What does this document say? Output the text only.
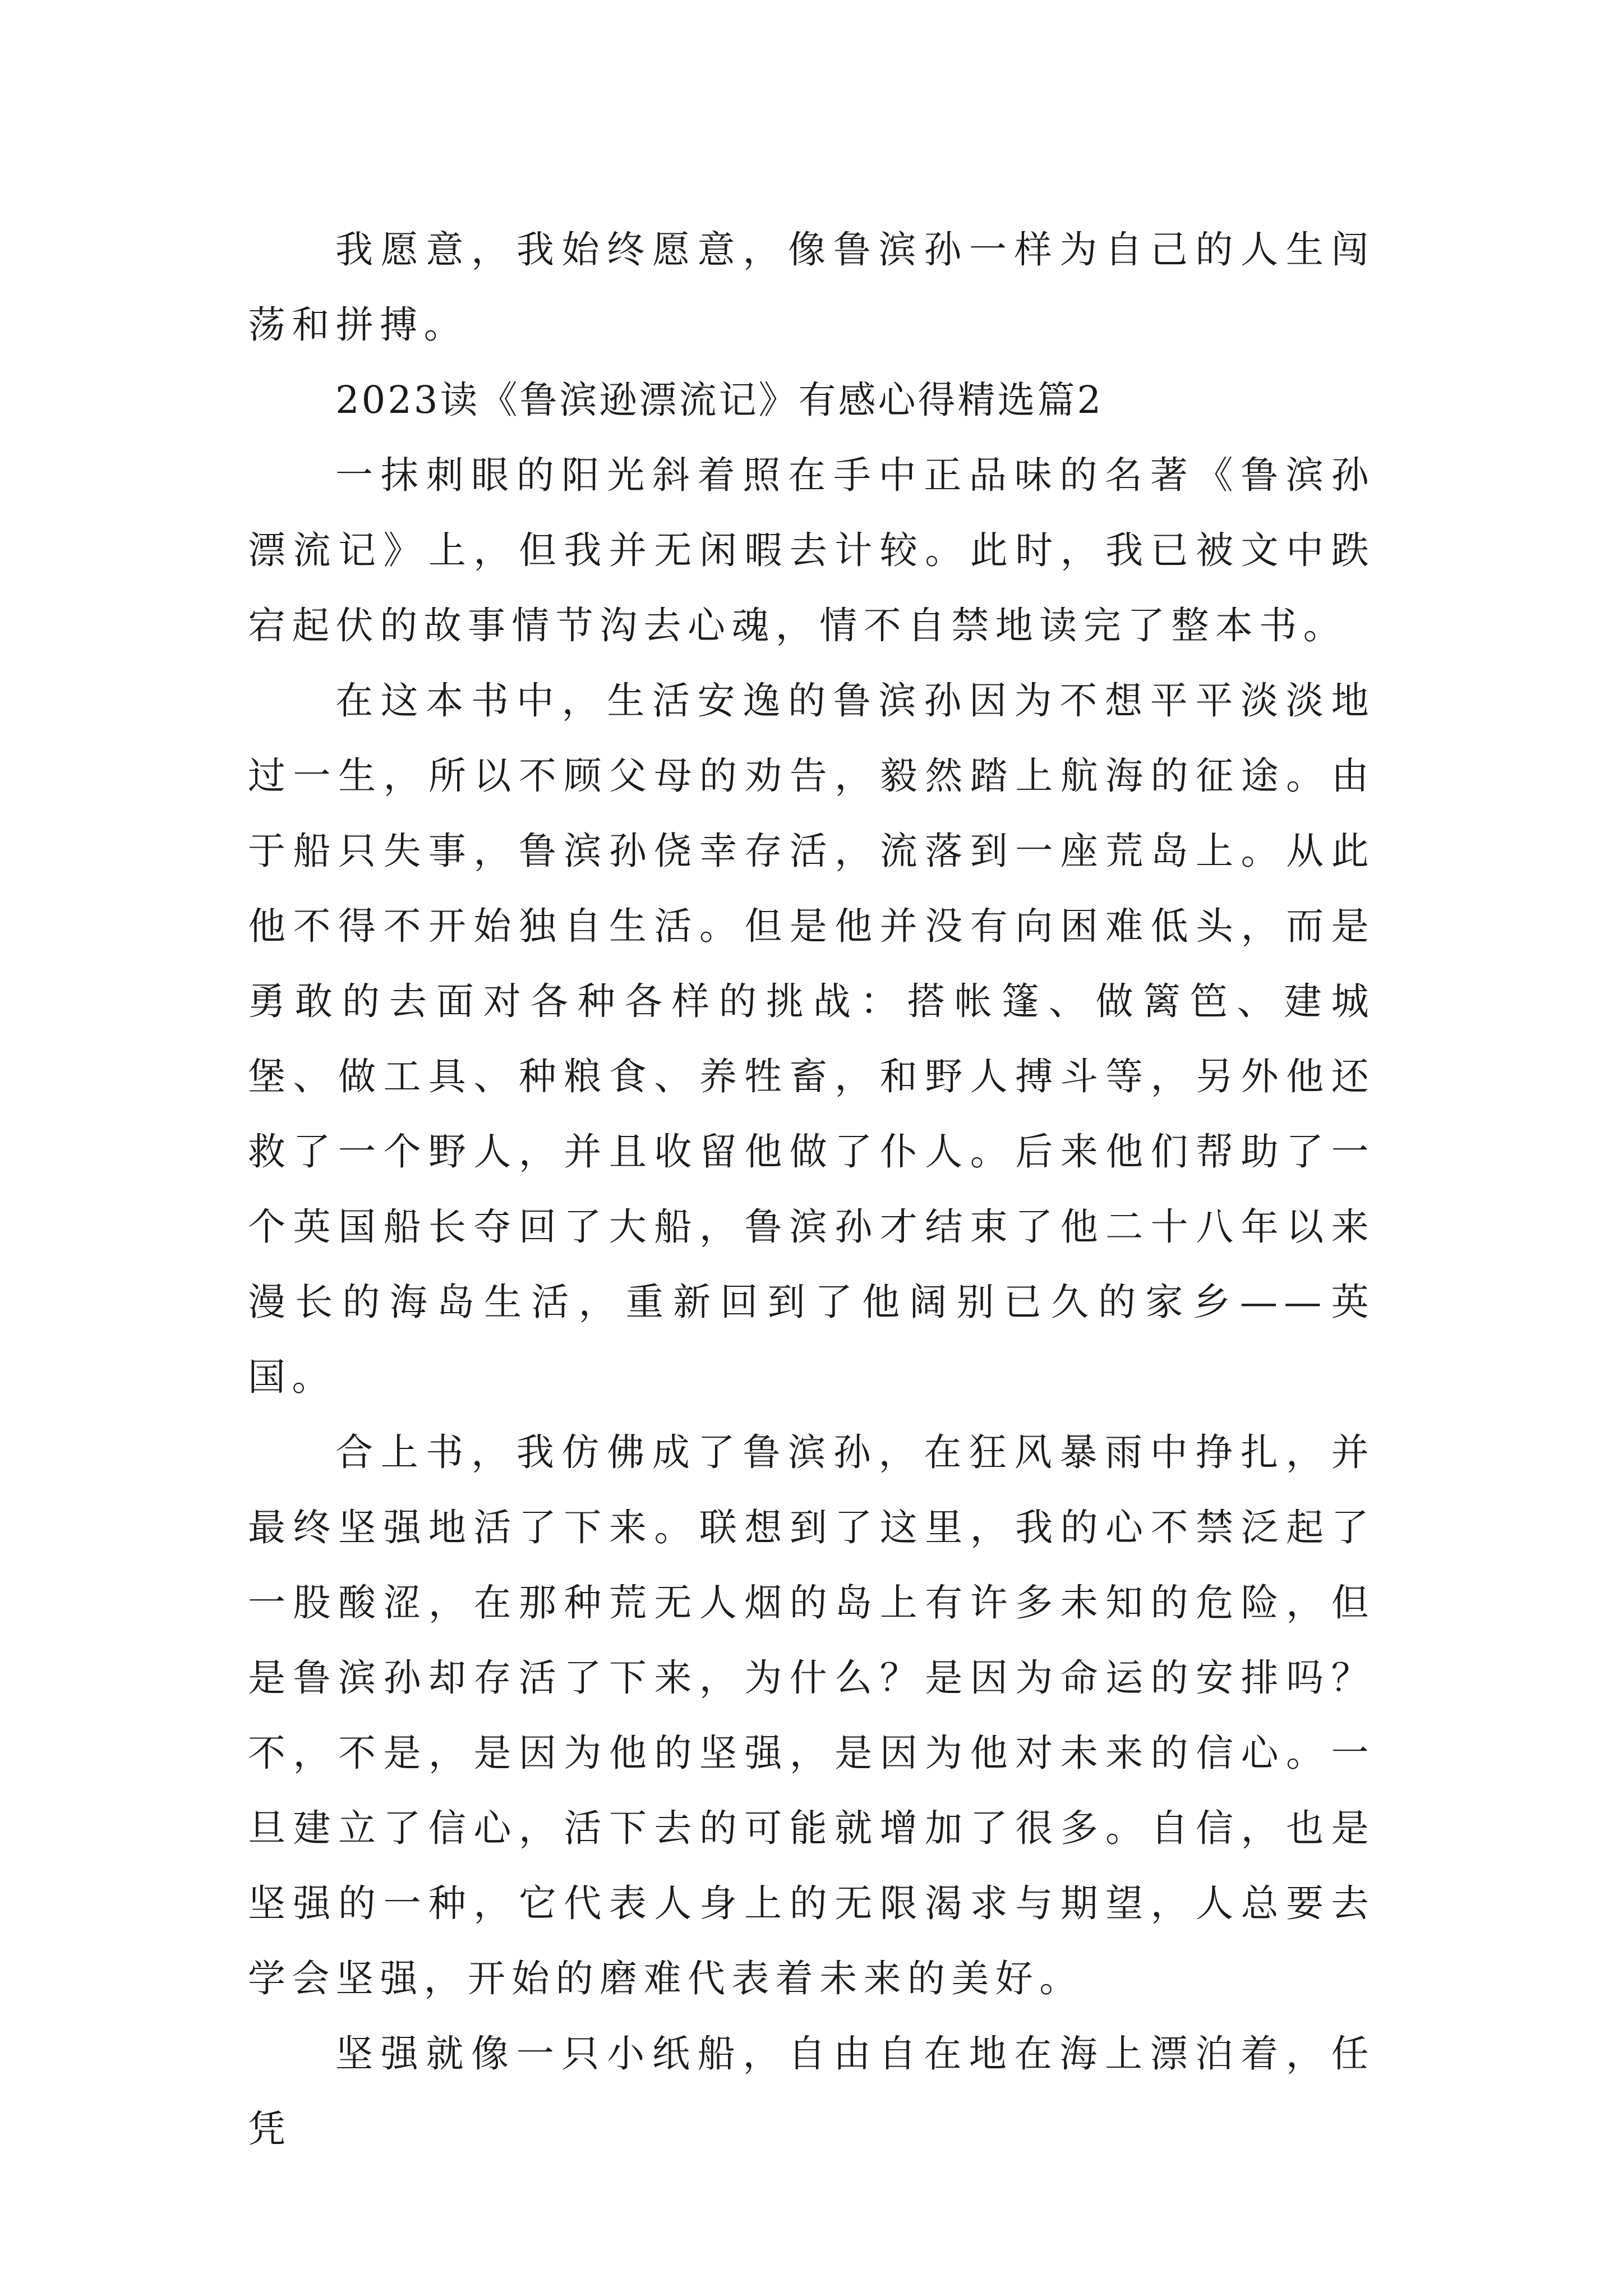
我愿意，我始终愿意，像鲁滨孙一样为自己的人生闯荡和拼搏。

2023读《鲁滨逊漂流记》有感心得精选篇2

一抹刺眼的阳光斜着照在手中正品味的名著《鲁滨孙漂流记》上，但我并无闲暇去计较。此时，我已被文中跌宕起伏的故事情节沟去心魂，情不自禁地读完了整本书。

在这本书中，生活安逸的鲁滨孙因为不想平平淡淡地过一生，所以不顾父母的劝告，毅然踏上航海的征途。由于船只失事，鲁滨孙侥幸存活，流落到一座荒岛上。从此他不得不开始独自生活。但是他并没有向困难低头，而是勇敢的去面对各种各样的挑战：搭帐篷、做篱笆、建城堡、做工具、种粮食、养牲畜，和野人搏斗等，另外他还救了一个野人，并且收留他做了仆人。后来他们帮助了一个英国船长夺回了大船，鲁滨孙才结束了他二十八年以来漫长的海岛生活，重新回到了他阔别已久的家乡——英国。

合上书，我仿佛成了鲁滨孙，在狂风暴雨中挣扎，并最终坚强地活了下来。联想到了这里，我的心不禁泛起了一股酸涩，在那种荒无人烟的岛上有许多未知的危险，但是鲁滨孙却存活了下来，为什么？是因为命运的安排吗？不，不是，是因为他的坚强，是因为他对未来的信心。一旦建立了信心，活下去的可能就增加了很多。自信，也是坚强的一种，它代表人身上的无限渴求与期望，人总要去学会坚强，开始的磨难代表着未来的美好。

坚强就像一只小纸船，自由自在地在海上漂泊着，任凭
